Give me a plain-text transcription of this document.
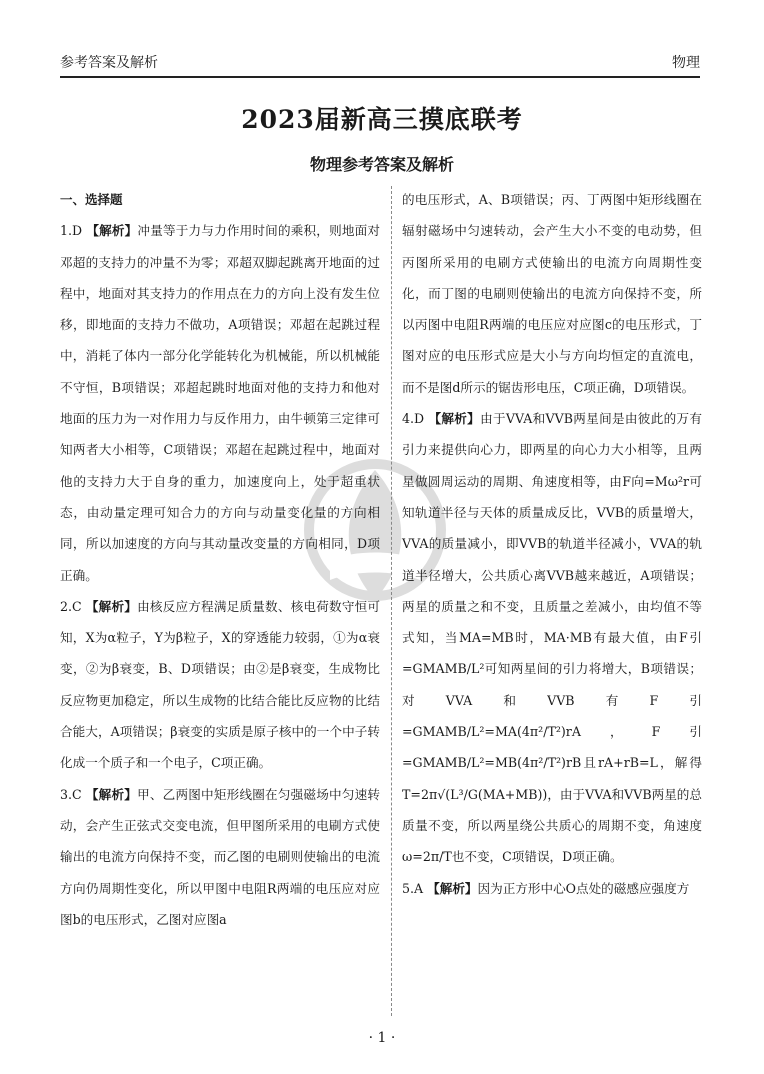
参考答案及解析	物理
2023届新高三摸底联考
物理参考答案及解析
一、选择题

1.D 【解析】冲量等于力与力作用时间的乘积，则地面对邓超的支持力的冲量不为零；邓超双脚起跳离开地面的过程中，地面对其支持力的作用点在力的方向上没有发生位移，即地面的支持力不做功，A项错误；邓超在起跳过程中，消耗了体内一部分化学能转化为机械能，所以机械能不守恒，B项错误；邓超起跳时地面对他的支持力和他对地面的压力为一对作用力与反作用力，由牛顿第三定律可知两者大小相等，C项错误；邓超在起跳过程中，地面对他的支持力大于自身的重力，加速度向上，处于超重状态，由动量定理可知合力的方向与动量变化量的方向相同，所以加速度的方向与其动量改变量的方向相同，D项正确。

2.C 【解析】由核反应方程满足质量数、核电荷数守恒可知，X为α粒子，Y为β粒子，X的穿透能力较弱，①为α衰变，②为β衰变，B、D项错误；由②是β衰变，生成物比反应物更加稳定，所以生成物的比结合能比反应物的比结合能大，A项错误；β衰变的实质是原子核中的一个中子转化成一个质子和一个电子，C项正确。

3.C 【解析】甲、乙两图中矩形线圈在匀强磁场中匀速转动，会产生正弦式交变电流，但甲图所采用的电刷方式使输出的电流方向保持不变，而乙图的电刷则使输出的电流方向仍周期性变化，所以甲图中电阻R两端的电压应对应图b的电压形式，乙图对应图a

的电压形式，A、B项错误；丙、丁两图中矩形线圈在辐射磁场中匀速转动，会产生大小不变的电动势，但丙图所采用的电刷方式使输出的电流方向周期性变化，而丁图的电刷则使输出的电流方向保持不变，所以丙图中电阻R两端的电压应对应图c的电压形式，丁图对应的电压形式应是大小与方向均恒定的直流电，而不是图d所示的锯齿形电压，C项正确，D项错误。

4.D 【解析】由于VVA和VVB两星间是由彼此的万有引力来提供向心力，即两星的向心力大小相等，且两星做圆周运动的周期、角速度相等，由F向=Mω²r可知轨道半径与天体的质量成反比，VVB的质量增大，VVA的质量减小，即VVB的轨道半径减小，VVA的轨道半径增大，公共质心离VVB越来越近，A项错误；两星的质量之和不变，且质量之差减小，由均值不等式知，当MA=MB时，MA·MB有最大值，由F引=GMAMB/L²可知两星间的引力将增大，B项错误；对VVA和VVB有F引=GMAMB/L²=MA(4π²/T²)rA，F引=GMAMB/L²=MB(4π²/T²)rB且rA+rB=L，解得T=2π√(L³/G(MA+MB))，由于VVA和VVB两星的总质量不变，所以两星绕公共质心的周期不变，角速度ω=2π/T也不变，C项错误，D项正确。

5.A 【解析】因为正方形中心O点处的磁感应强度方

· 1 ·
